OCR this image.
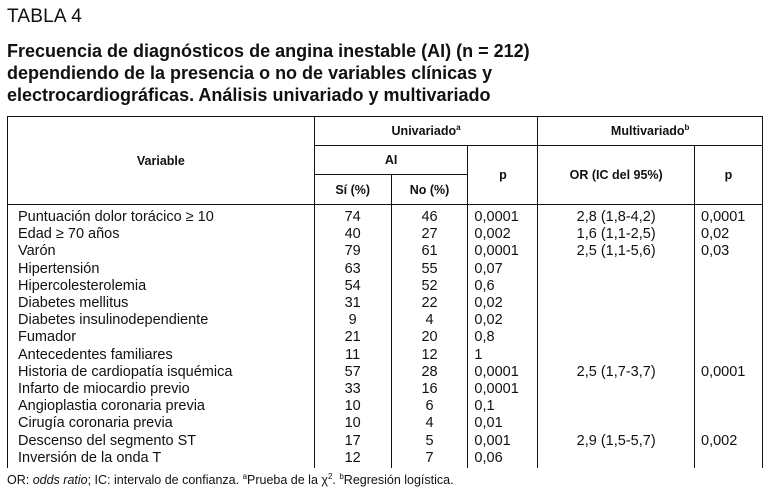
TABLA 4
Frecuencia de diagnósticos de angina inestable (AI) (n = 212)
dependiendo de la presencia o no de variables clínicas y
electrocardiográficas. Análisis univariado y multivariado
Variable	Univariado$^a$			Multivariado$^b$
	AI		p	OR (IC del 95%)	p
	Sí (%)	No (%)			
Puntuación dolor torácico ≥ 10	74	46	0,0001	2,8 (1,8-4,2)	0,0001
Edad ≥ 70 años	40	27	0,002	1,6 (1,1-2,5)	0,02
Varón	79	61	0,0001	2,5 (1,1-5,6)	0,03
Hipertensión	63	55	0,07		
Hipercolesterolemia	54	52	0,6		
Diabetes mellitus	31	22	0,02		
Diabetes insulinodependiente	9	4	0,02		
Fumador	21	20	0,8		
Antecedentes familiares	11	12	1		
Historia de cardiopatía isquémica	57	28	0,0001	2,5 (1,7-3,7)	0,0001
Infarto de miocardio previo	33	16	0,0001		
Angioplastia coronaria previa	10	6	0,1		
Cirugía coronaria previa	10	4	0,01		
Descenso del segmento ST	17	5	0,001	2,9 (1,5-5,7)	0,002
Inversión de la onda T	12	7	0,06		
OR: odds ratio; IC: intervalo de confianza. $^a$Prueba de la $\chi^2$. $^b$Regresión logística.
